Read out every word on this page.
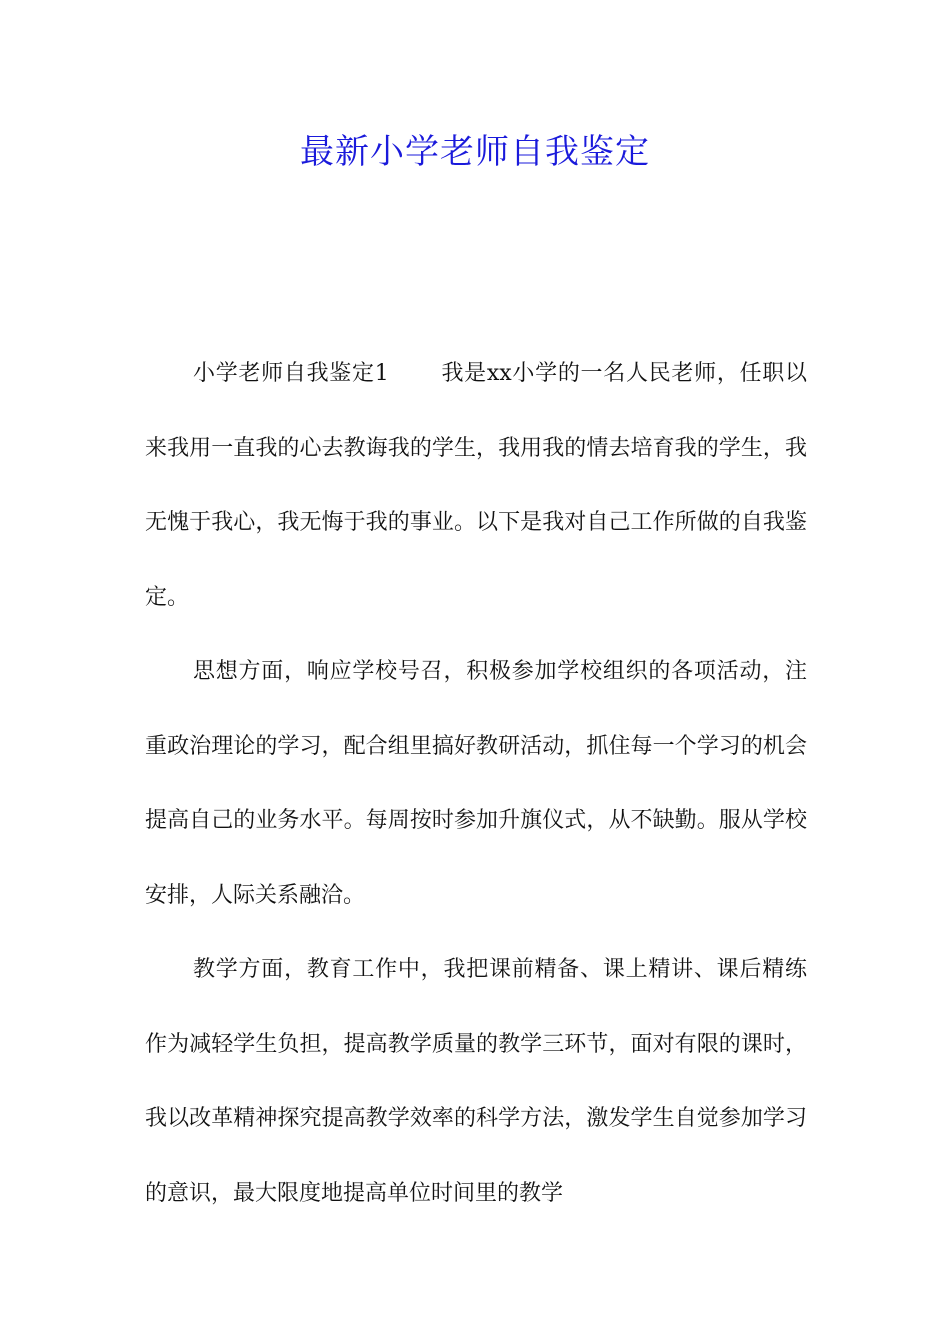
最新小学老师自我鉴定

小学老师自我鉴定1 我是xx小学的一名人民老师，任职以来我用一直我的心去教诲我的学生，我用我的情去培育我的学生，我无愧于我心，我无悔于我的事业。以下是我对自己工作所做的自我鉴定。

思想方面，响应学校号召，积极参加学校组织的各项活动，注重政治理论的学习，配合组里搞好教研活动，抓住每一个学习的机会提高自己的业务水平。每周按时参加升旗仪式，从不缺勤。服从学校安排，人际关系融洽。

教学方面，教育工作中，我把课前精备、课上精讲、课后精练作为减轻学生负担，提高教学质量的教学三环节，面对有限的课时，我以改革精神探究提高教学效率的科学方法，激发学生自觉参加学习的意识，最大限度地提高单位时间里的教学
